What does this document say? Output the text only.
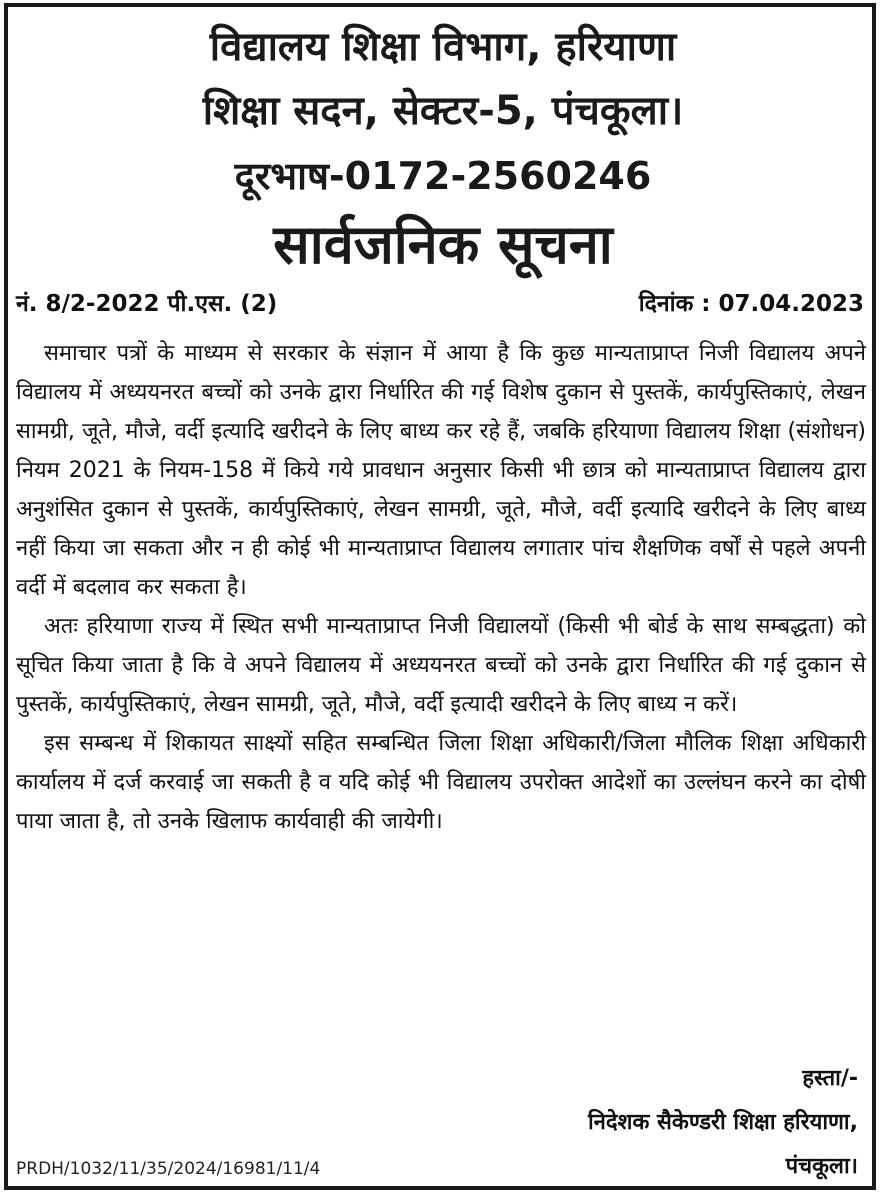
विद्यालय शिक्षा विभाग, हरियाणा
शिक्षा सदन, सेक्टर-5, पंचकूला।
दूरभाष-0172-2560246
सार्वजनिक सूचना
नं. 8/2-2022 पी.एस. (2)	दिनांक : 07.04.2023

समाचार पत्रों के माध्यम से सरकार के संज्ञान में आया है कि कुछ मान्यताप्राप्त निजी विद्यालय अपने विद्यालय में अध्ययनरत बच्चों को उनके द्वारा निर्धारित की गई विशेष दुकान से पुस्तकें, कार्यपुस्तिकाएं, लेखन सामग्री, जूते, मौजे, वर्दी इत्यादि खरीदने के लिए बाध्य कर रहे हैं, जबकि हरियाणा विद्यालय शिक्षा (संशोधन) नियम 2021 के नियम-158 में किये गये प्रावधान अनुसार किसी भी छात्र को मान्यताप्राप्त विद्यालय द्वारा अनुशंसित दुकान से पुस्तकें, कार्यपुस्तिकाएं, लेखन सामग्री, जूते, मौजे, वर्दी इत्यादि खरीदने के लिए बाध्य नहीं किया जा सकता और न ही कोई भी मान्यताप्राप्त विद्यालय लगातार पांच शैक्षणिक वर्षों से पहले अपनी वर्दी में बदलाव कर सकता है।

अतः हरियाणा राज्य में स्थित सभी मान्यताप्राप्त निजी विद्यालयों (किसी भी बोर्ड के साथ सम्बद्धता) को सूचित किया जाता है कि वे अपने विद्यालय में अध्ययनरत बच्चों को उनके द्वारा निर्धारित की गई दुकान से पुस्तकें, कार्यपुस्तिकाएं, लेखन सामग्री, जूते, मौजे, वर्दी इत्यादी खरीदने के लिए बाध्य न करें।

इस सम्बन्ध में शिकायत साक्ष्यों सहित सम्बन्धित जिला शिक्षा अधिकारी/जिला मौलिक शिक्षा अधिकारी कार्यालय में दर्ज करवाई जा सकती है व यदि कोई भी विद्यालय उपरोक्त आदेशों का उल्लंघन करने का दोषी पाया जाता है, तो उनके खिलाफ कार्यवाही की जायेगी।

हस्ता/-
निदेशक सैकेण्डरी शिक्षा हरियाणा,
पंचकूला।
PRDH/1032/11/35/2024/16981/11/4
